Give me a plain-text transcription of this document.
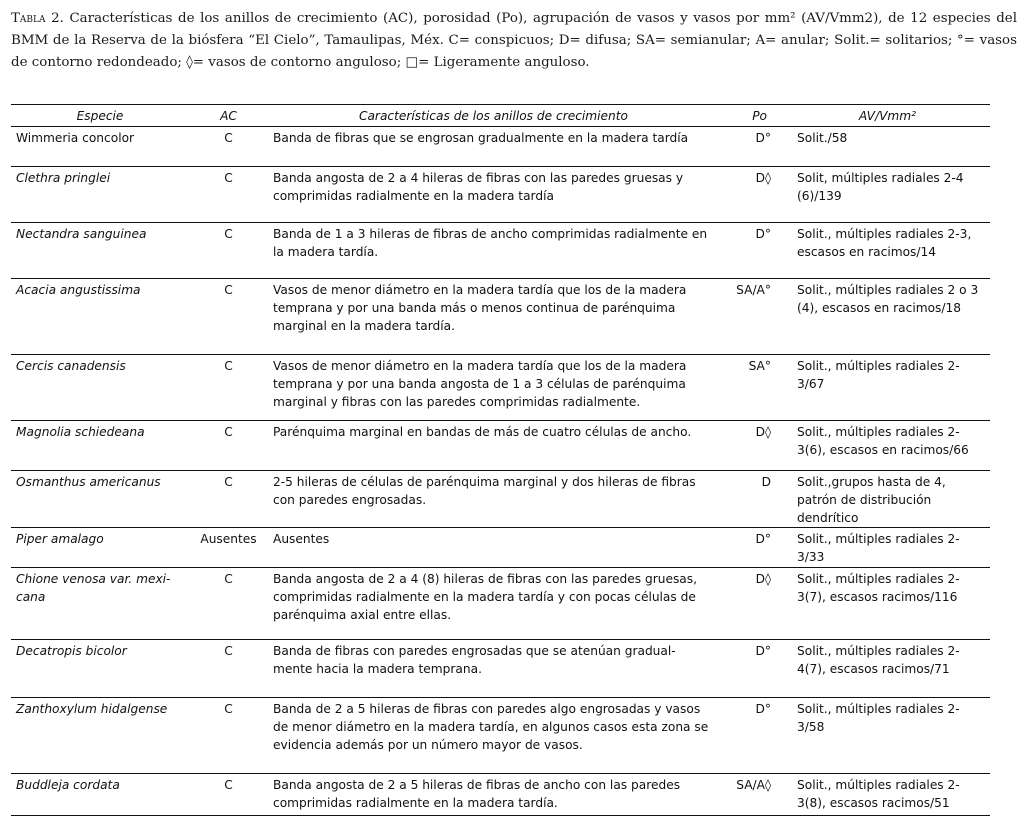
Tabla 2. Características de los anillos de crecimiento (AC), porosidad (Po), agrupación de vasos y vasos por mm² (AV/Vmm2), de 12 especies del BMM de la Reserva de la biósfera “El Cielo”, Tamaulipas, Méx. C= conspicuos; D= difusa; SA= semianular; A= anular; Solit.= solitarios; °= vasos de contorno redondeado; ◊= vasos de contorno anguloso; □= Ligeramente anguloso.
Especie	AC	Características de los anillos de crecimiento	Po	AV/Vmm²
Wimmeria concolor	C	Banda de fibras que se engrosan gradualmente en la madera tardía	D°	Solit./58
Clethra pringlei	C	Banda angosta de 2 a 4 hileras de fibras con las paredes gruesas y comprimidas radialmente en la madera tardía	D◊	Solit, múltiples radiales 2-4 (6)/139
Nectandra sanguinea	C	Banda de 1 a 3 hileras de fibras de ancho comprimidas radialmente en la madera tardía.	D°	Solit., múltiples radiales 2-3, escasos en racimos/14
Acacia angustissima	C	Vasos de menor diámetro en la madera tardía que los de la madera temprana y por una banda más o menos continua de parénquima marginal en la madera tardía.	SA/A°	Solit., múltiples radiales 2 o 3 (4), escasos en racimos/18
Cercis canadensis	C	Vasos de menor diámetro en la madera tardía que los de la madera temprana y por una banda angosta de 1 a 3 células de parénquima marginal y fibras con las paredes comprimidas radialmente.	SA°	Solit., múltiples radiales 2-3/67
Magnolia schiedeana	C	Parénquima marginal en bandas de más de cuatro células de ancho.	D◊	Solit., múltiples radiales 2-3(6), escasos en racimos/66
Osmanthus americanus	C	2-5 hileras de células de parénquima marginal y dos hileras de fibras con paredes engrosadas.	D	Solit.,grupos hasta de 4, patrón de distribución dendrítico
Piper amalago	Ausentes	Ausentes	D°	Solit., múltiples radiales 2-3/33
Chione venosa var. mexi-cana	C	Banda angosta de 2 a 4 (8) hileras de fibras con las paredes gruesas, comprimidas radialmente en la madera tardía y con pocas células de parénquima axial entre ellas.	D◊	Solit., múltiples radiales 2-3(7), escasos racimos/116
Decatropis bicolor	C	Banda de fibras con paredes engrosadas que se atenúan gradual-mente hacia la madera temprana.	D°	Solit., múltiples radiales 2-4(7), escasos racimos/71
Zanthoxylum hidalgense	C	Banda de 2 a 5 hileras de fibras con paredes algo engrosadas y vasos de menor diámetro en la madera tardía, en algunos casos esta zona se evidencia además por un número mayor de vasos.	D°	Solit., múltiples radiales 2-3/58
Buddleja cordata	C	Banda angosta de 2 a 5 hileras de fibras de ancho con las paredes comprimidas radialmente en la madera tardía.	SA/A◊	Solit., múltiples radiales 2-3(8), escasos racimos/51
